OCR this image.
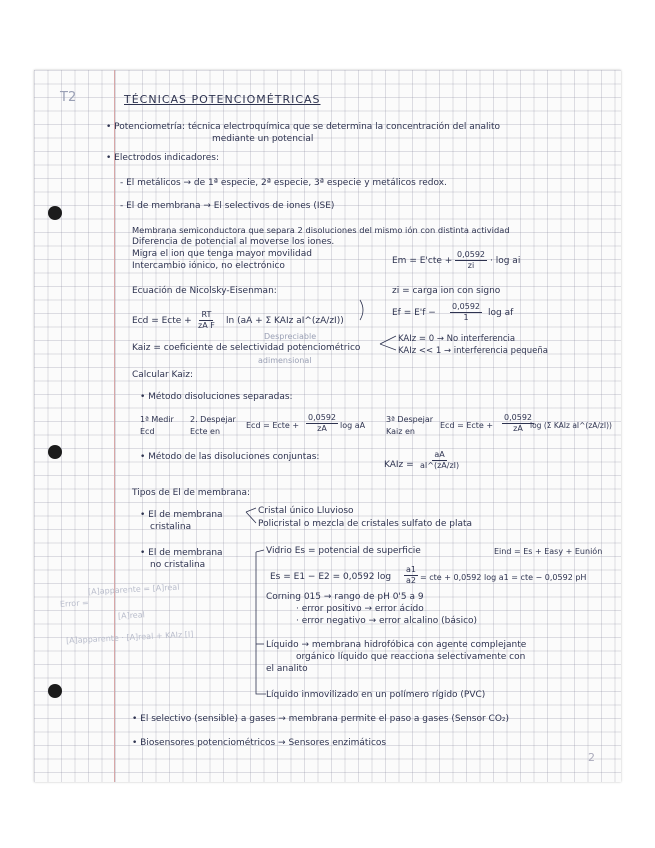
T2	TÉCNICAS POTENCIOMÉTRICAS
• Potenciometría: técnica electroquímica que se determina la concentración del analito
mediante un potencial
• Electrodos indicadores:
- El metálicos → de 1ª especie, 2ª especie, 3ª especie y metálicos redox.
- El de membrana → El selectivos de iones (ISE)
Membrana semiconductora que separa 2 disoluciones del mismo ión con distinta actividad
Diferencia de potencial al moverse los iones.
Migra el ion que tenga mayor movilidad
Intercambio iónico, no electrónico	$Em = E'cte + \frac{0,0592}{zi} \cdot \log$ ai
Ecuación de Nicolsky-Eisenman:	zi = carga ion con signo
Ecd = Ecte + $\frac{RT}{\text{zA F}}$ ln (aA + Σ KAIz aI^(zA/zI))
Despreciable
$Ef = E'f - \frac{0,0592}{1}$ log af
KAIz = 0 → No interferencia
KAIz << 1 → interferencia pequeña
Kaiz = coeficiente de selectividad potenciométrico
adimensional
Calcular Kaiz:
• Método disoluciones separadas:
1ª Medir
Ecd
2. Despejar
Ecte en
Ecd = Ecte + $\frac{0,0592}{zA}$ log aA
3ª Despejar
Kaiz en
Ecd = Ecte + $\frac{0,0592}{zA}$
log (Σ KAIz aI^(zA/zI))
• Método de las disoluciones conjuntas:
KAIz = $\frac{aA}{aI\^{}(zA/zI)}$
Tipos de El de membrana:
• El de membrana
cristalina
Cristal único Lluvioso
Policristal o mezcla de cristales sulfato de plata
• El de membrana
no cristalina
Vidrio Es = potencial de superficie	Eind = Es + Easy + Eunión
Es = E1 − E2 = 0,0592 $\log \frac{a1}{a2}$ = cte + 0,0592 log a1 = cte − 0,0592 pH
Corning 015 → rango de pH 0'5 a 9
· error positivo → error ácido
· error negativo → error alcalino (básico)
Líquido → membrana hidrofóbica con agente complejante
orgánico líquido que reacciona selectivamente con
el analito
Líquido inmovilizado en un polímero rígido (PVC)
• El selectivo (sensible) a gases → membrana permite el paso a gases (Sensor CO₂)
• Biosensores potenciométricos → Sensores enzimáticos
[A]apparente = [A]real
Error =
[A]real
[A]apparente · [A]real + KAIz [I]
2
